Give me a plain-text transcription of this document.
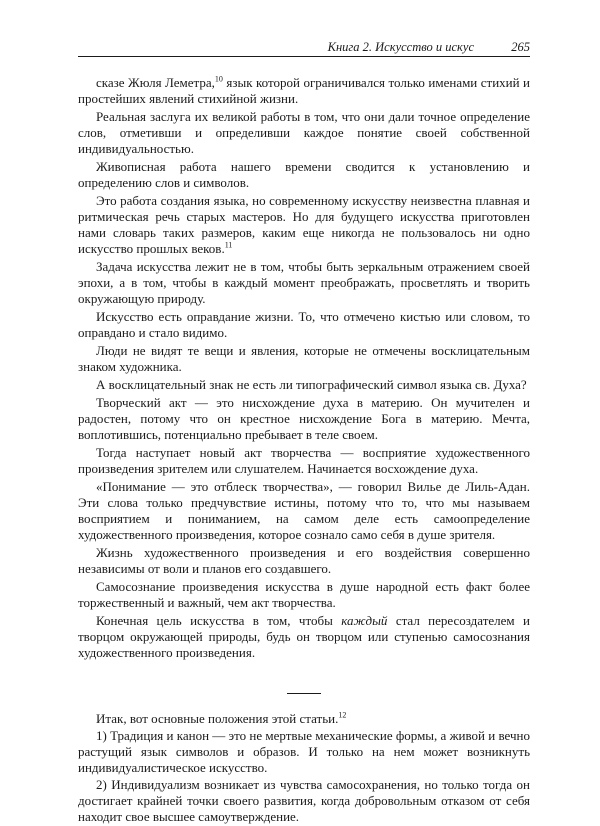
Книга 2. Искусство и искус	265

сказе Жюля Леметра,$^{10}$ язык которой ограничивался только именами стихий и простейших явлений стихийной жизни.

Реальная заслуга их великой работы в том, что они дали точное определение слов, отметивши и определивши каждое понятие своей собственной индивидуальностью.

Живописная работа нашего времени сводится к установлению и определению слов и символов.

Это работа создания языка, но современному искусству неизвестна плавная и ритмическая речь старых мастеров. Но для будущего искусства приготовлен нами словарь таких размеров, каким еще никогда не пользовалось ни одно искусство прошлых веков.$^{11}$

Задача искусства лежит не в том, чтобы быть зеркальным отражением своей эпохи, а в том, чтобы в каждый момент преображать, просветлять и творить окружающую природу.

Искусство есть оправдание жизни. То, что отмечено кистью или словом, то оправдано и стало видимо.

Люди не видят те вещи и явления, которые не отмечены восклицательным знаком художника.

А восклицательный знак не есть ли типографический символ языка св. Духа?

Творческий акт — это нисхождение духа в материю. Он мучителен и радостен, потому что он крестное нисхождение Бога в материю. Мечта, воплотившись, потенциально пребывает в теле своем.

Тогда наступает новый акт творчества — восприятие художественного произведения зрителем или слушателем. Начинается восхождение духа.

«Понимание — это отблеск творчества», — говорил Вилье де Лиль-Адан. Эти слова только предчувствие истины, потому что то, что мы называем восприятием и пониманием, на самом деле есть самоопределение художественного произведения, которое сознало само себя в душе зрителя.

Жизнь художественного произведения и его воздействия совершенно независимы от воли и планов его создавшего.

Самосознание произведения искусства в душе народной есть факт более торжественный и важный, чем акт творчества.

Конечная цель искусства в том, чтобы каждый стал пересоздателем и творцом окружающей природы, будь он творцом или ступенью самосознания художественного произведения.

Итак, вот основные положения этой статьи.$^{12}$

1) Традиция и канон — это не мертвые механические формы, а живой и вечно растущий язык символов и образов. И только на нем может возникнуть индивидуалистическое искусство.

2) Индивидуализм возникает из чувства самосохранения, но только тогда он достигает крайней точки своего развития, когда добровольным отказом от себя находит свое высшее самоутверждение.
